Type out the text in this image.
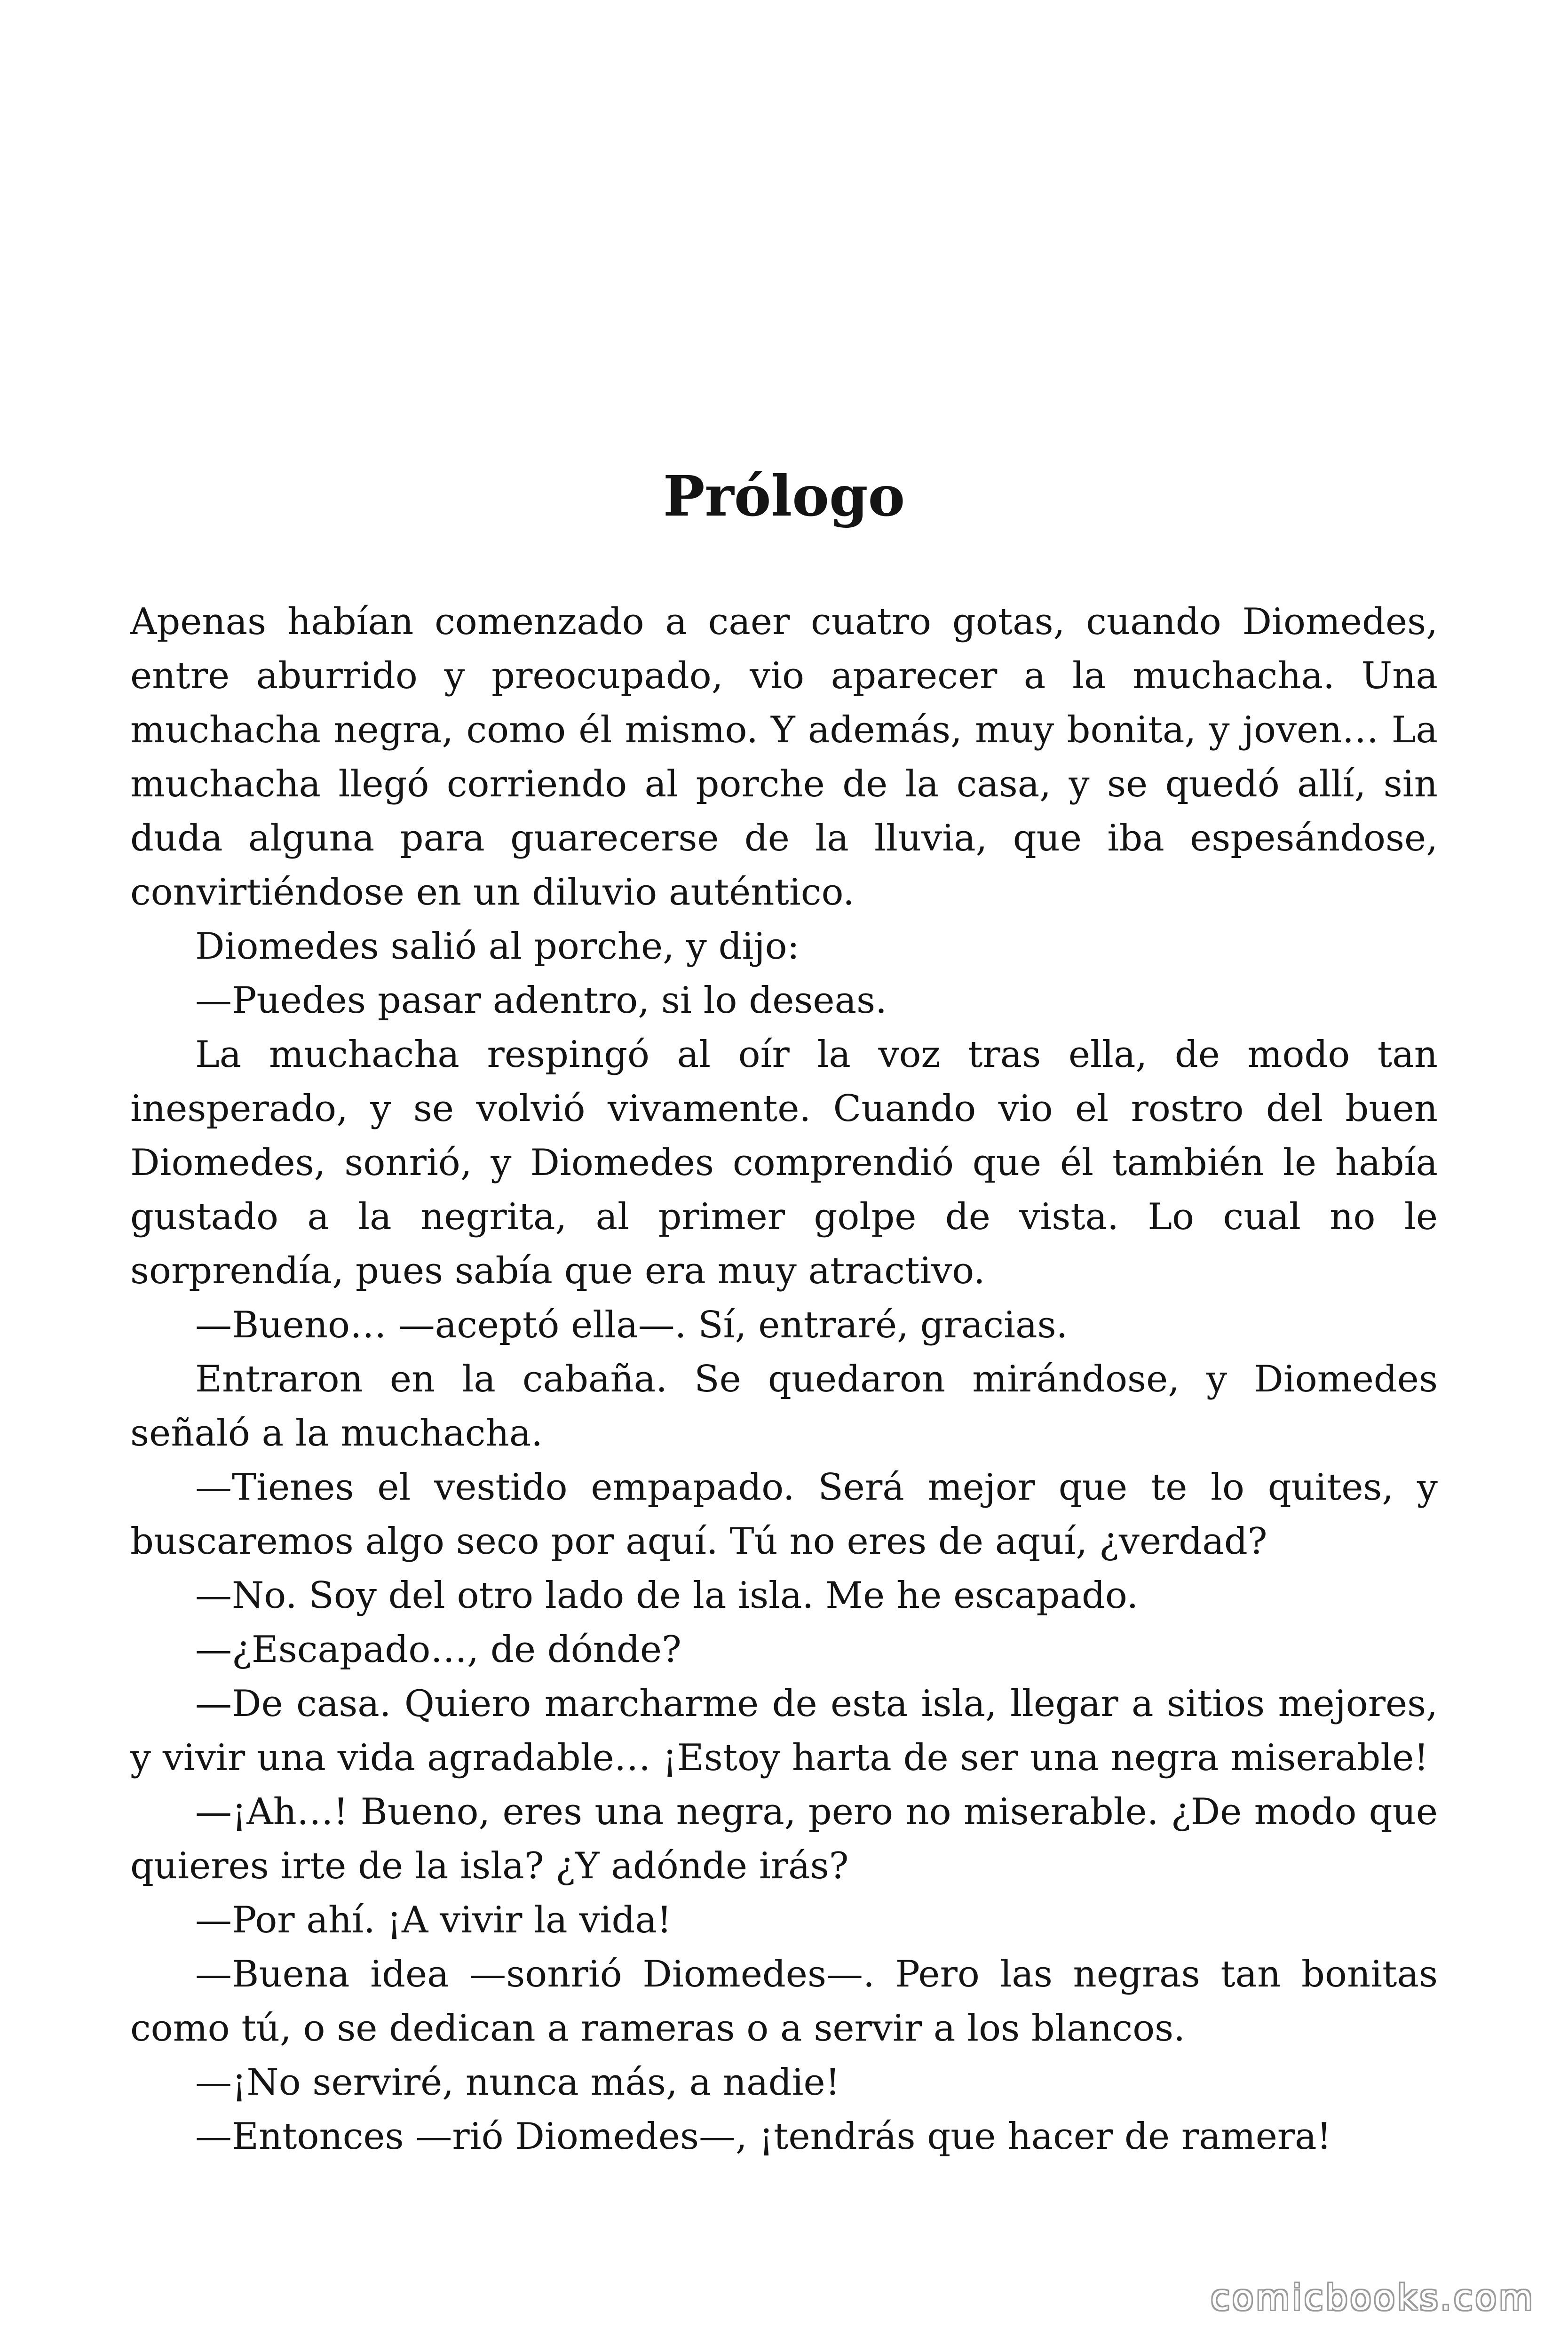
Prólogo

Apenas habían comenzado a caer cuatro gotas, cuando Diomedes, entre aburrido y preocupado, vio aparecer a la muchacha. Una muchacha negra, como él mismo. Y además, muy bonita, y joven… La muchacha llegó corriendo al porche de la casa, y se quedó allí, sin duda alguna para guarecerse de la lluvia, que iba espesándose, convirtiéndose en un diluvio auténtico.

Diomedes salió al porche, y dijo:

—Puedes pasar adentro, si lo deseas.

La muchacha respingó al oír la voz tras ella, de modo tan inesperado, y se volvió vivamente. Cuando vio el rostro del buen Diomedes, sonrió, y Diomedes comprendió que él también le había gustado a la negrita, al primer golpe de vista. Lo cual no le sorprendía, pues sabía que era muy atractivo.

—Bueno… —aceptó ella—. Sí, entraré, gracias.

Entraron en la cabaña. Se quedaron mirándose, y Diomedes señaló a la muchacha.

—Tienes el vestido empapado. Será mejor que te lo quites, y buscaremos algo seco por aquí. Tú no eres de aquí, ¿verdad?

—No. Soy del otro lado de la isla. Me he escapado.

—¿Escapado…, de dónde?

—De casa. Quiero marcharme de esta isla, llegar a sitios mejores, y vivir una vida agradable… ¡Estoy harta de ser una negra miserable!

—¡Ah…! Bueno, eres una negra, pero no miserable. ¿De modo que quieres irte de la isla? ¿Y adónde irás?

—Por ahí. ¡A vivir la vida!

—Buena idea —sonrió Diomedes—. Pero las negras tan bonitas como tú, o se dedican a rameras o a servir a los blancos.

—¡No serviré, nunca más, a nadie!

—Entonces —rió Diomedes—, ¡tendrás que hacer de ramera!

comicbooks.com
